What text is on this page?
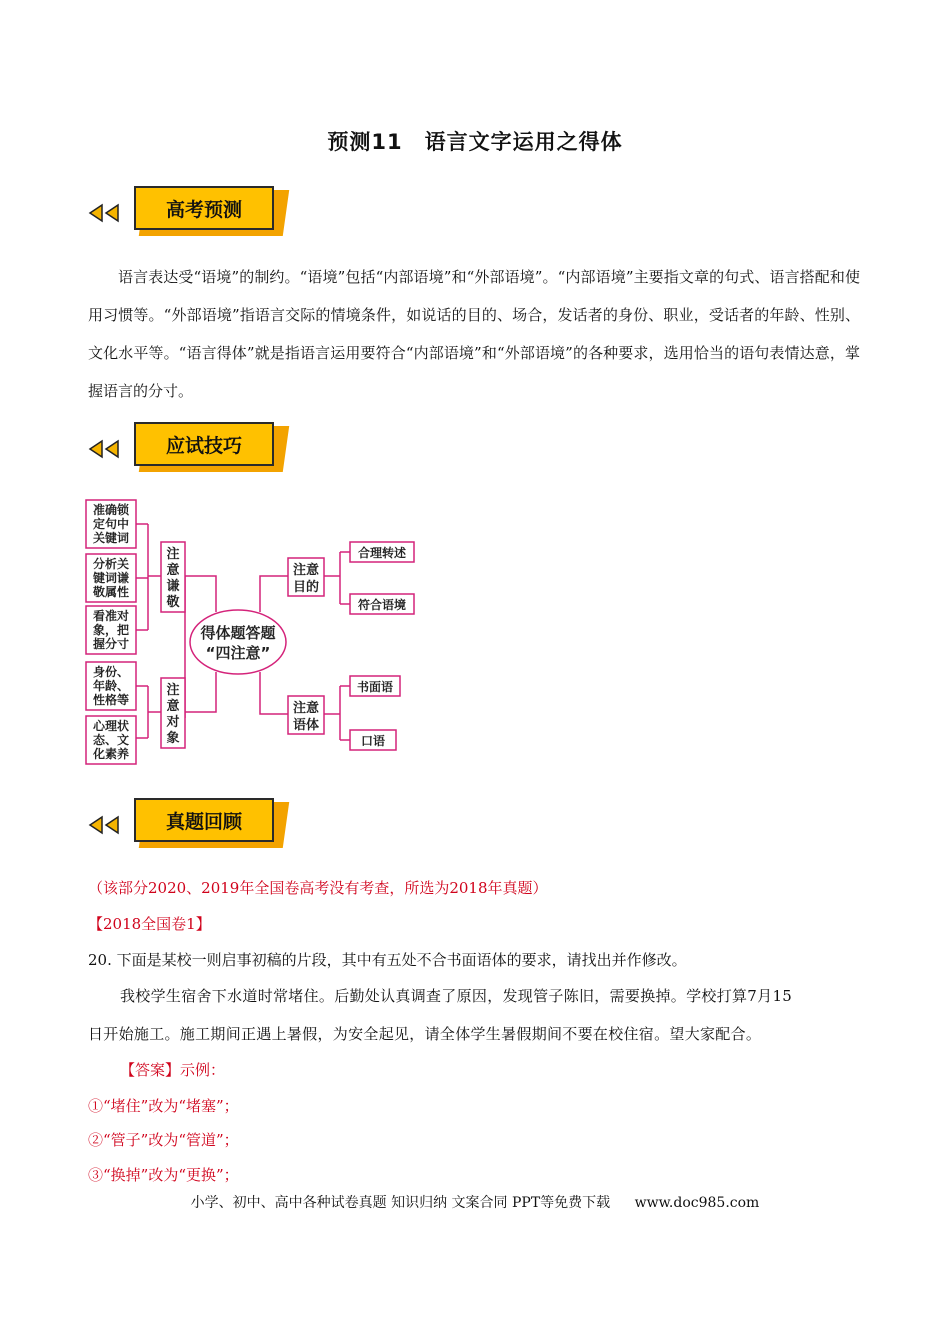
预测11　语言文字运用之得体
高考预测

语言表达受“语境”的制约。“语境”包括“内部语境”和“外部语境”。“内部语境”主要指文章的句式、语言搭配和使用习惯等。“外部语境”指语言交际的情境条件，如说话的目的、场合，发话者的身份、职业，受话者的年龄、性别、文化水平等。“语言得体”就是指语言运用要符合“内部语境”和“外部语境”的各种要求，选用恰当的语句表情达意，掌握语言的分寸。

应试技巧
准确锁
定句中
关键词
分析关
键词谦
敬属性
看准对
象，把
握分寸
身份、
年龄、
性格等
心理状
态、文
化素养
注
意
谦
敬
注
意
对
象
得体题答题
“四注意”
注意
目的
注意
语体
合理转述
符合语境
书面语
口语
真题回顾
（该部分2020、2019年全国卷高考没有考查，所选为2018年真题）
【2018全国卷1】
20. 下面是某校一则启事初稿的片段，其中有五处不合书面语体的要求，请找出并作修改。
我校学生宿舍下水道时常堵住。后勤处认真调查了原因，发现管子陈旧，需要换掉。学校打算7月15
日开始施工。施工期间正遇上暑假，为安全起见，请全体学生暑假期间不要在校住宿。望大家配合。
【答案】示例：
①“堵住”改为“堵塞”；
②“管子”改为“管道”；
③“换掉”改为“更换”；
小学、初中、高中各种试卷真题 知识归纳 文案合同 PPT等免费下载 www.doc985.com
